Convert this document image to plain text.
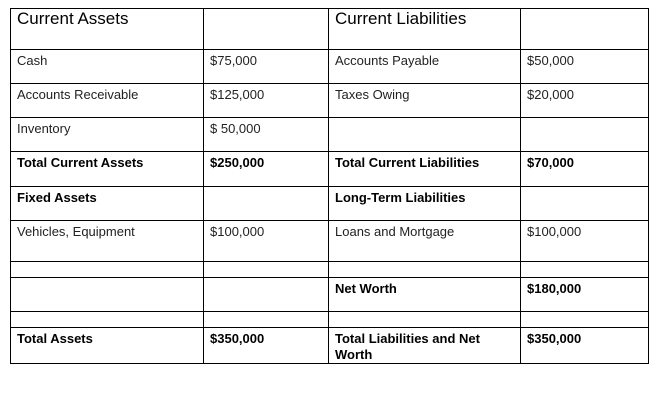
Current Assets		Current Liabilities	

Cash	$75,000	Accounts Payable	$50,000

Accounts Receivable	$125,000	Taxes Owing	$20,000

Inventory	$ 50,000		

Total Current Assets	$250,000	Total Current Liabilities	$70,000

Fixed Assets		Long-Term Liabilities	

Vehicles, Equipment	$100,000	Loans and Mortgage	$100,000

		Net Worth	$180,000

Total Assets	$350,000	Total Liabilities and Net Worth	$350,000
